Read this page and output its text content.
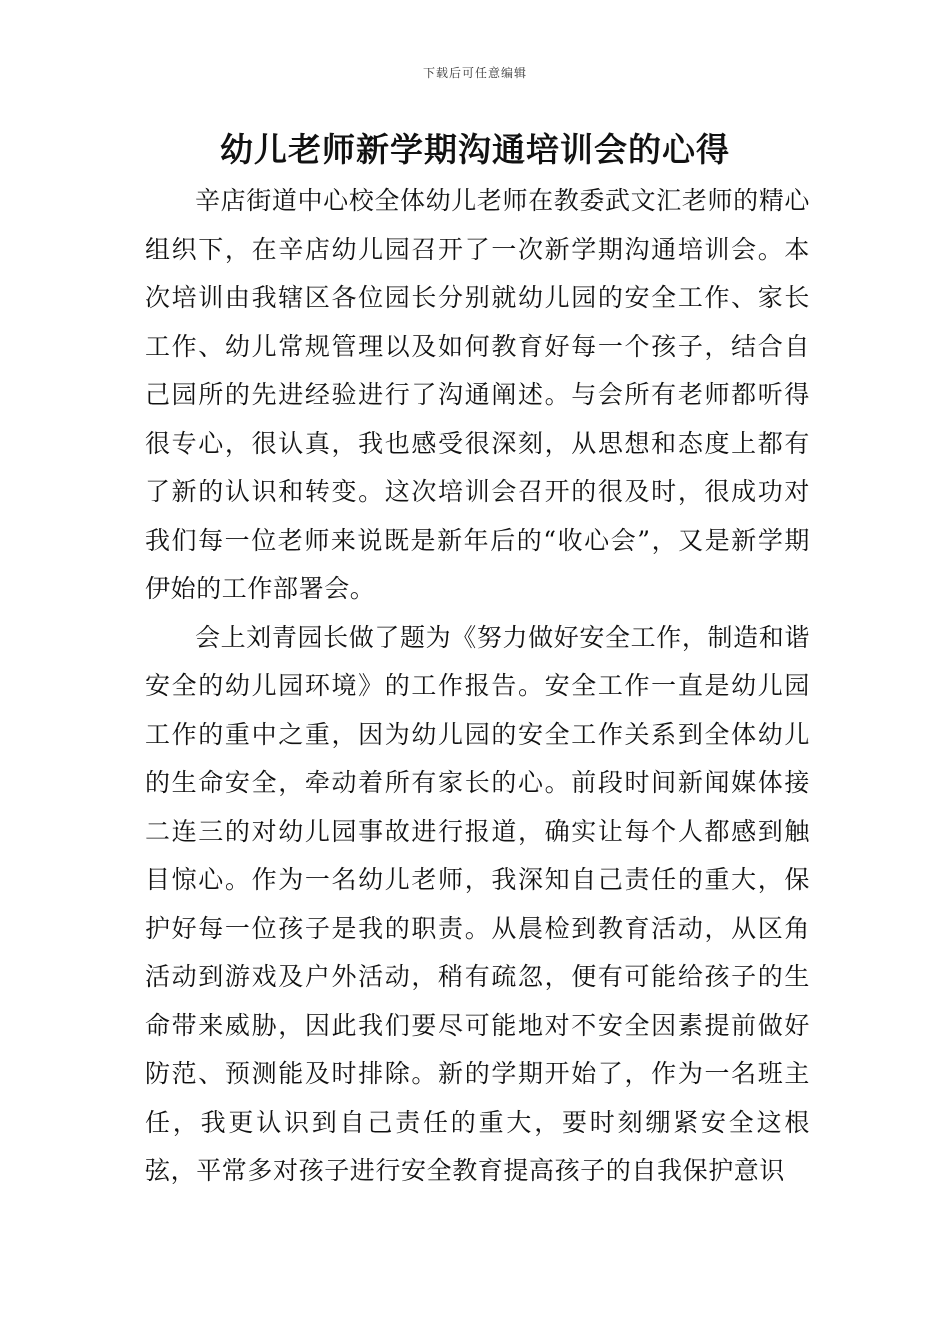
下载后可任意编辑
幼儿老师新学期沟通培训会的心得

辛店街道中心校全体幼儿老师在教委武文汇老师的精心组织下，在辛店幼儿园召开了一次新学期沟通培训会。本次培训由我辖区各位园长分别就幼儿园的安全工作、家长工作、幼儿常规管理以及如何教育好每一个孩子，结合自己园所的先进经验进行了沟通阐述。与会所有老师都听得很专心，很认真，我也感受很深刻，从思想和态度上都有了新的认识和转变。这次培训会召开的很及时，很成功对我们每一位老师来说既是新年后的“收心会”，又是新学期伊始的工作部署会。

会上刘青园长做了题为《努力做好安全工作，制造和谐安全的幼儿园环境》的工作报告。安全工作一直是幼儿园工作的重中之重，因为幼儿园的安全工作关系到全体幼儿的生命安全，牵动着所有家长的心。前段时间新闻媒体接二连三的对幼儿园事故进行报道，确实让每个人都感到触目惊心。作为一名幼儿老师，我深知自己责任的重大，保护好每一位孩子是我的职责。从晨检到教育活动，从区角活动到游戏及户外活动，稍有疏忽，便有可能给孩子的生命带来威胁，因此我们要尽可能地对不安全因素提前做好防范、预测能及时排除。新的学期开始了，作为一名班主任，我更认识到自己责任的重大，要时刻绷紧安全这根弦，平常多对孩子进行安全教育提高孩子的自我保护意识
